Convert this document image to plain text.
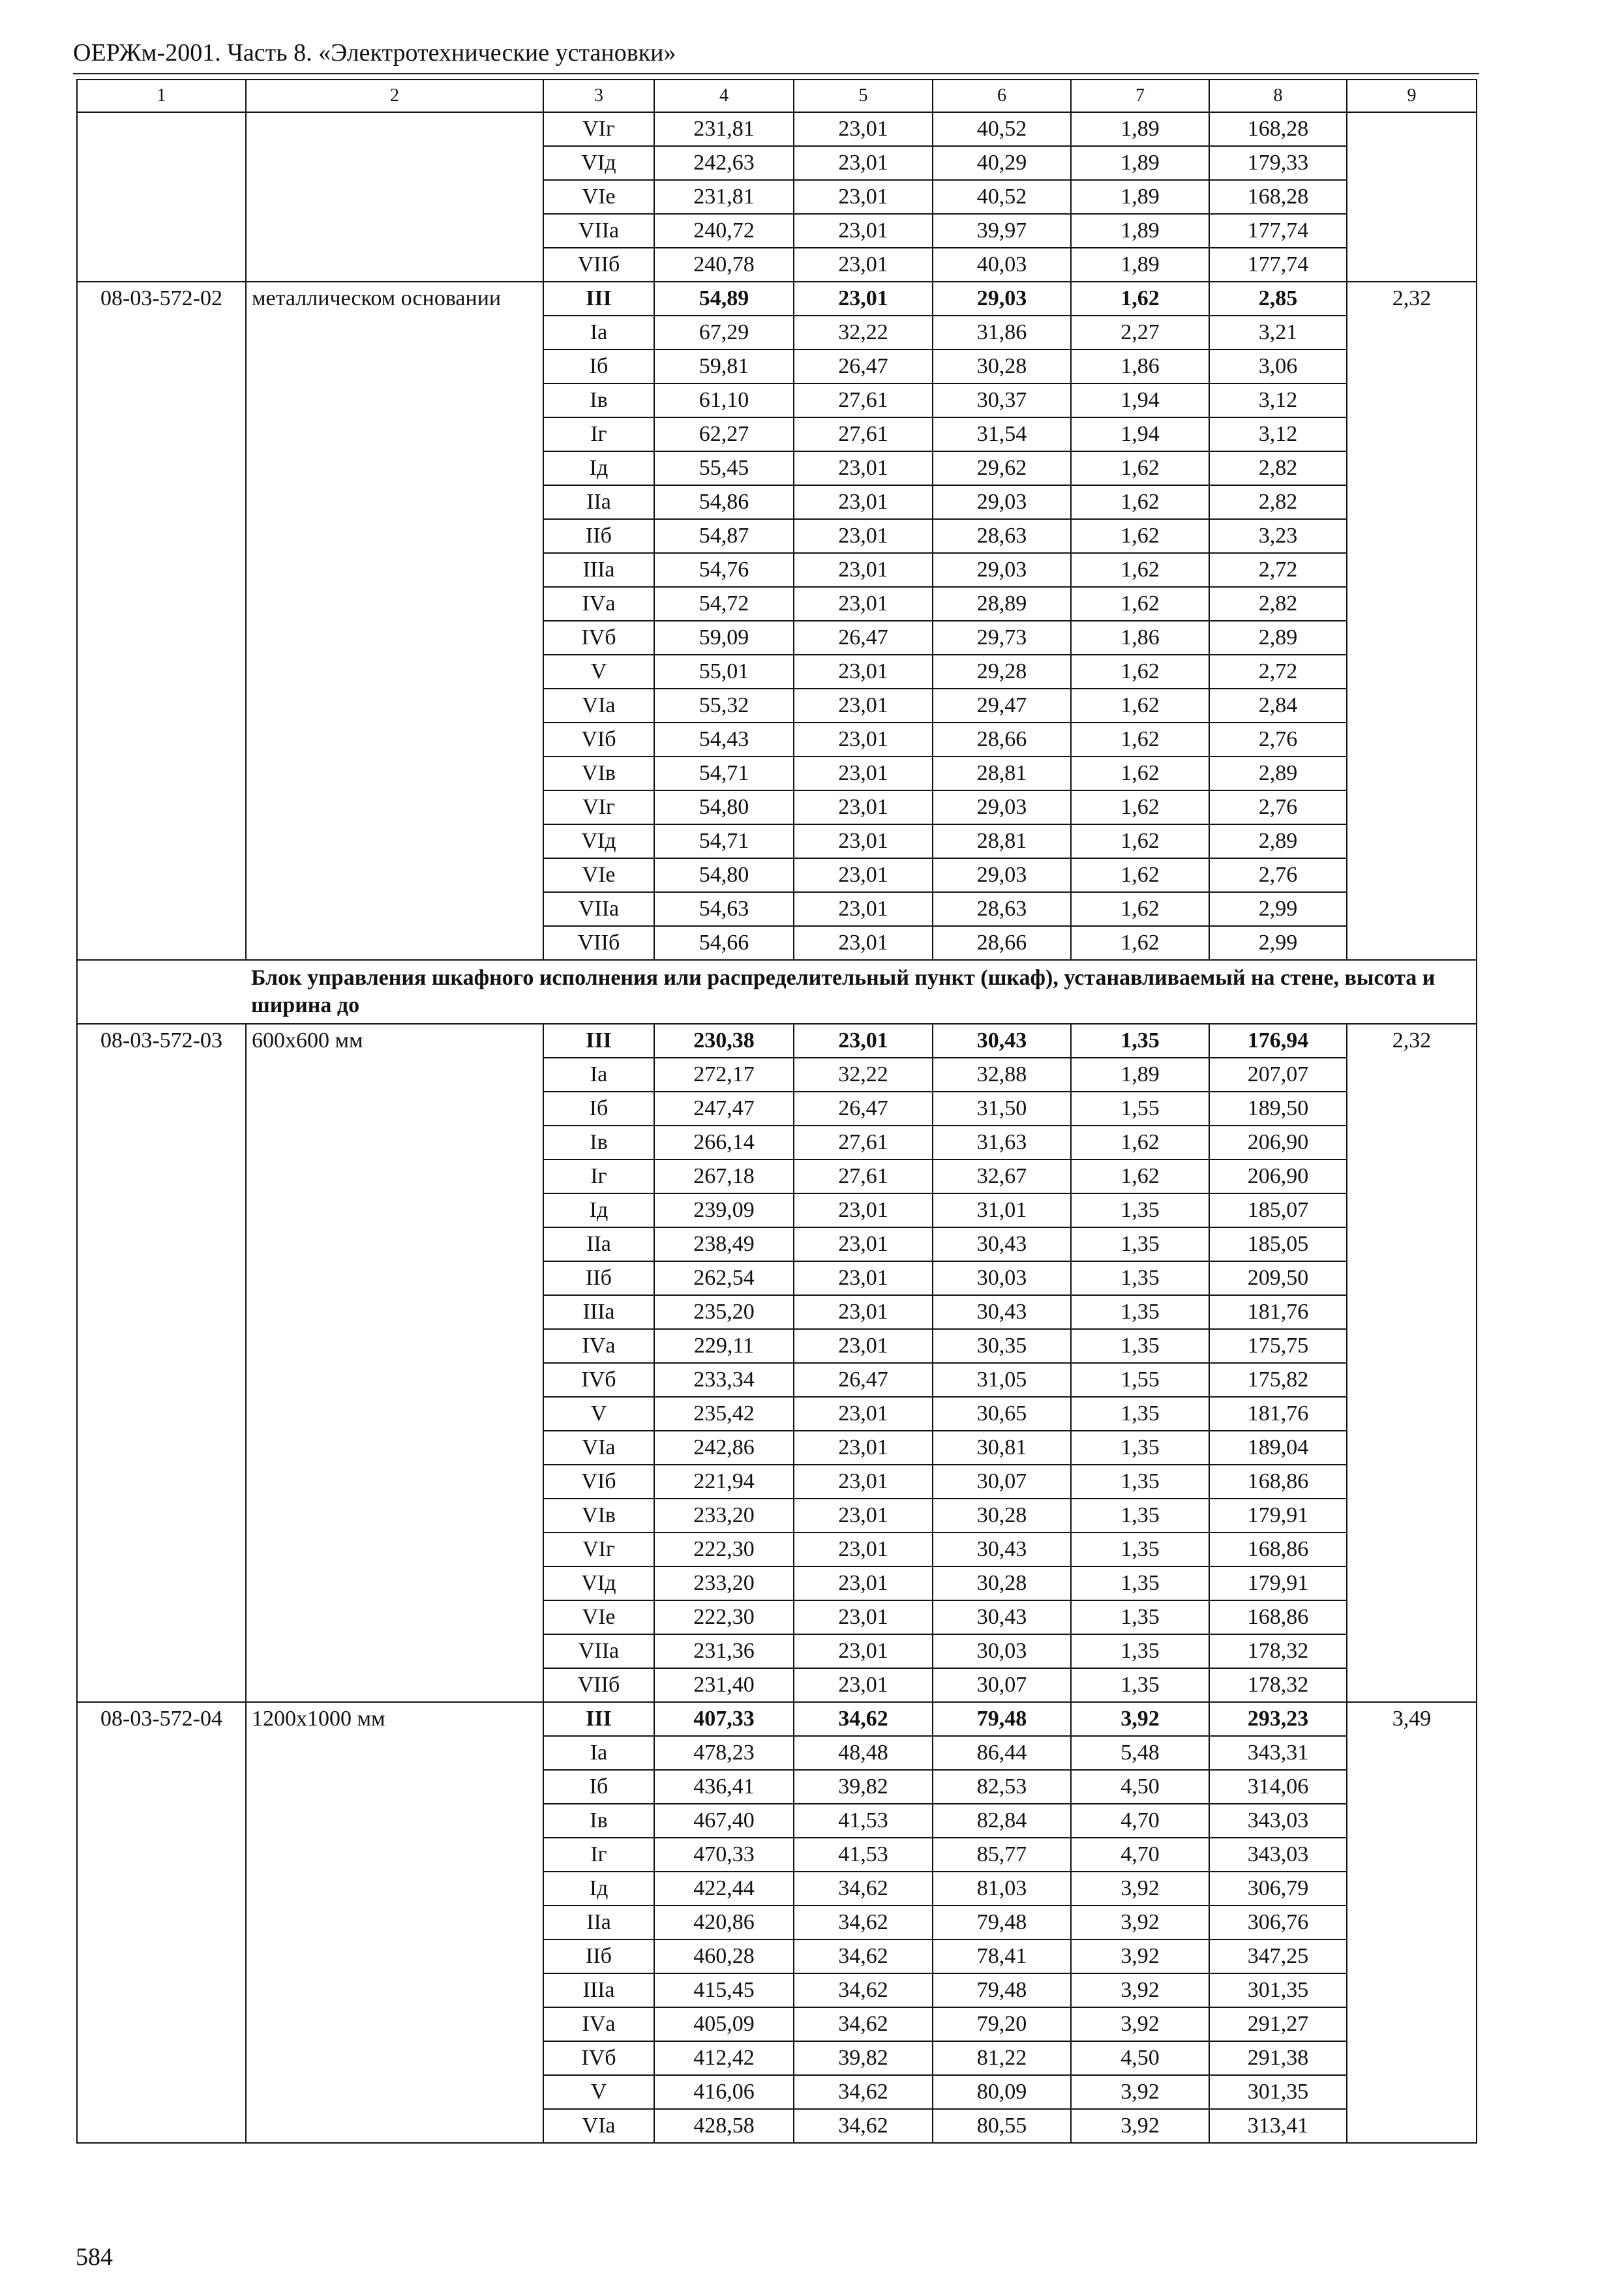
ОЕРЖм-2001. Часть 8. «Электротехнические установки»
1	2	3	4	5	6	7	8	9
		VIг	231,81	23,01	40,52	1,89	168,28	
		VIд	242,63	23,01	40,29	1,89	179,33	
		VIе	231,81	23,01	40,52	1,89	168,28	
		VIIа	240,72	23,01	39,97	1,89	177,74	
		VIIб	240,78	23,01	40,03	1,89	177,74	
08-03-572-02	металлическом основании	III	54,89	23,01	29,03	1,62	2,85	2,32
		Iа	67,29	32,22	31,86	2,27	3,21	
		Iб	59,81	26,47	30,28	1,86	3,06	
		Iв	61,10	27,61	30,37	1,94	3,12	
		Iг	62,27	27,61	31,54	1,94	3,12	
		Iд	55,45	23,01	29,62	1,62	2,82	
		IIа	54,86	23,01	29,03	1,62	2,82	
		IIб	54,87	23,01	28,63	1,62	3,23	
		IIIа	54,76	23,01	29,03	1,62	2,72	
		IVа	54,72	23,01	28,89	1,62	2,82	
		IVб	59,09	26,47	29,73	1,86	2,89	
		V	55,01	23,01	29,28	1,62	2,72	
		VIа	55,32	23,01	29,47	1,62	2,84	
		VIб	54,43	23,01	28,66	1,62	2,76	
		VIв	54,71	23,01	28,81	1,62	2,89	
		VIг	54,80	23,01	29,03	1,62	2,76	
		VIд	54,71	23,01	28,81	1,62	2,89	
		VIе	54,80	23,01	29,03	1,62	2,76	
		VIIа	54,63	23,01	28,63	1,62	2,99	
		VIIб	54,66	23,01	28,66	1,62	2,99	
	Блок управления шкафного исполнения или распределительный пункт (шкаф), устанавливаемый на стене, высота и ширина до							
08-03-572-03	600х600 мм	III	230,38	23,01	30,43	1,35	176,94	2,32
		Iа	272,17	32,22	32,88	1,89	207,07	
		Iб	247,47	26,47	31,50	1,55	189,50	
		Iв	266,14	27,61	31,63	1,62	206,90	
		Iг	267,18	27,61	32,67	1,62	206,90	
		Iд	239,09	23,01	31,01	1,35	185,07	
		IIа	238,49	23,01	30,43	1,35	185,05	
		IIб	262,54	23,01	30,03	1,35	209,50	
		IIIа	235,20	23,01	30,43	1,35	181,76	
		IVа	229,11	23,01	30,35	1,35	175,75	
		IVб	233,34	26,47	31,05	1,55	175,82	
		V	235,42	23,01	30,65	1,35	181,76	
		VIа	242,86	23,01	30,81	1,35	189,04	
		VIб	221,94	23,01	30,07	1,35	168,86	
		VIв	233,20	23,01	30,28	1,35	179,91	
		VIг	222,30	23,01	30,43	1,35	168,86	
		VIд	233,20	23,01	30,28	1,35	179,91	
		VIе	222,30	23,01	30,43	1,35	168,86	
		VIIа	231,36	23,01	30,03	1,35	178,32	
		VIIб	231,40	23,01	30,07	1,35	178,32	
08-03-572-04	1200х1000 мм	III	407,33	34,62	79,48	3,92	293,23	3,49
		Iа	478,23	48,48	86,44	5,48	343,31	
		Iб	436,41	39,82	82,53	4,50	314,06	
		Iв	467,40	41,53	82,84	4,70	343,03	
		Iг	470,33	41,53	85,77	4,70	343,03	
		Iд	422,44	34,62	81,03	3,92	306,79	
		IIа	420,86	34,62	79,48	3,92	306,76	
		IIб	460,28	34,62	78,41	3,92	347,25	
		IIIа	415,45	34,62	79,48	3,92	301,35	
		IVа	405,09	34,62	79,20	3,92	291,27	
		IVб	412,42	39,82	81,22	4,50	291,38	
		V	416,06	34,62	80,09	3,92	301,35	
		VIа	428,58	34,62	80,55	3,92	313,41	
584
